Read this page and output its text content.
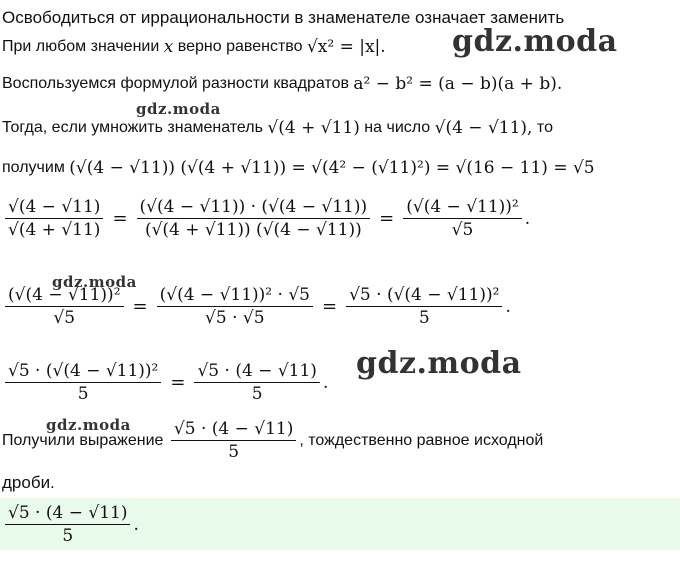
Освободиться от иррациональности в знаменателе означает заменить
При любом значении
x
верно равенство
√x² = |x|.
Воспользуемся формулой разности квадратов
a² − b² = (a − b)(a + b).
Тогда, если умножить знаменатель
√(4 + √11)
на число
√(4 − √11),
то
получим
(√(4 − √11)) (√(4 + √11)) = √(4² − (√11)²) = √(16 − 11) = √5
$\frac{√(4 - √11)}{√(4 + √11)} = \frac{(√(4 - √11)) \cdot (√(4 - √11))}{(√(4 + √11)) (√(4 - √11))} = \frac{\text{(√(4 − √11))²}}{√5}$ .
$\frac{\text{(√(4 − √11))²}}{√5} = \frac{\text{(√(4 − √11))² · √5}}{√5 \cdot √5} = \frac{\text{√5 · (√(4 − √11))²}}{5}$ .
$\frac{\text{√5 · (√(4 − √11))²}}{5} = \frac{√5 \cdot (4 - √11)}{5}$ .
Получили выражение
$\frac{√5 \cdot (4 - √11)}{5}$ , тождественно равное исходной
дроби.
$\frac{√5 \cdot (4 - √11)}{5}$ .
gdz.moda
gdz.moda
gdz.moda
gdz.moda
gdz.moda
